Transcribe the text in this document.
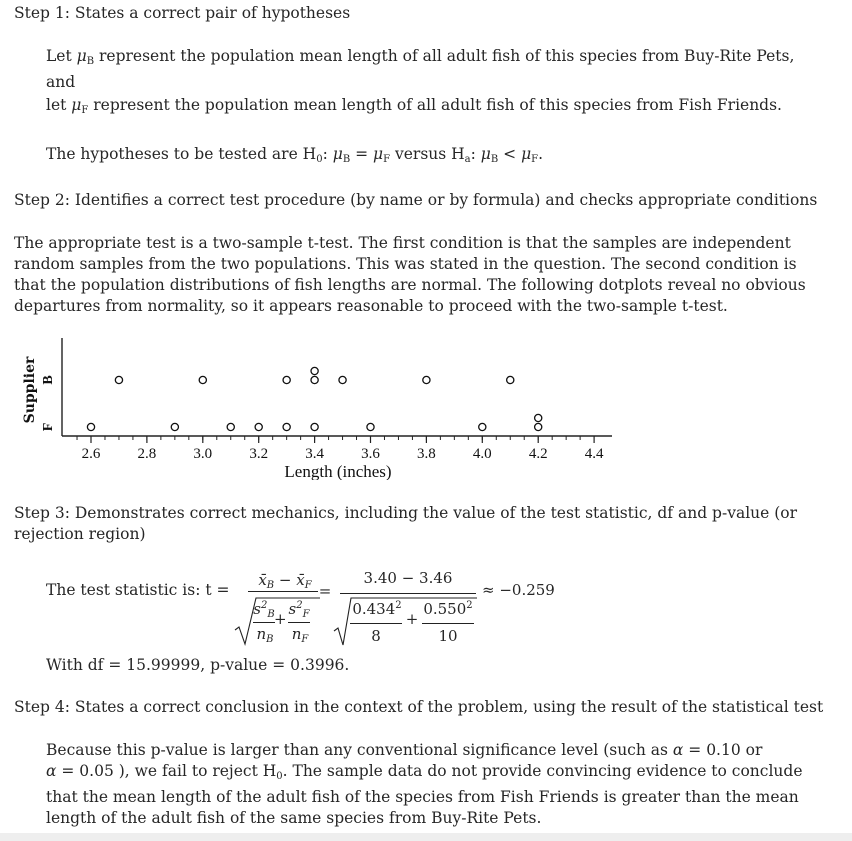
Step 1: States a correct pair of hypotheses

Let $\mu_B$ represent the population mean length of all adult fish of this species from Buy-Rite Pets,

and

let $\mu_F$ represent the population mean length of all adult fish of this species from Fish Friends.

The hypotheses to be tested are $H_0$: $\mu_B = \mu_F$ versus $H_a$: $\mu_B < \mu_F$.

Step 2: Identifies a correct test procedure (by name or by formula) and checks appropriate conditions

The appropriate test is a two-sample t-test. The first condition is that the samples are independent
random samples from the two populations. This was stated in the question. The second condition is
that the population distributions of fish lengths are normal. The following dotplots reveal no obvious
departures from normality, so it appears reasonable to proceed with the two-sample t-test.
Supplier
2.6 2.8 3.0 3.2 3.4 3.6 3.8 4.0 4.2 4.4
Length (inches)
F
B
Step 3: Demonstrates correct mechanics, including the value of the test statistic, df and p-value (or
rejection region)
The test statistic is: t =
$x̄_B$ − $x̄_F$
$s^2_B$ +
$s^2_F$
$n_B$ $n_F$
=
3.40 − 3.46
$0.434^2$
+
$0.550^2$
8	10
≈ −0.259
With df = 15.99999, p-value = 0.3996.

Step 4: States a correct conclusion in the context of the problem, using the result of the statistical test

Because this p-value is larger than any conventional significance level (such as α = 0.10 or
α = 0.05 ), we fail to reject $H_0$. The sample data do not provide convincing evidence to conclude
that the mean length of the adult fish of the species from Fish Friends is greater than the mean
length of the adult fish of the same species from Buy-Rite Pets.
